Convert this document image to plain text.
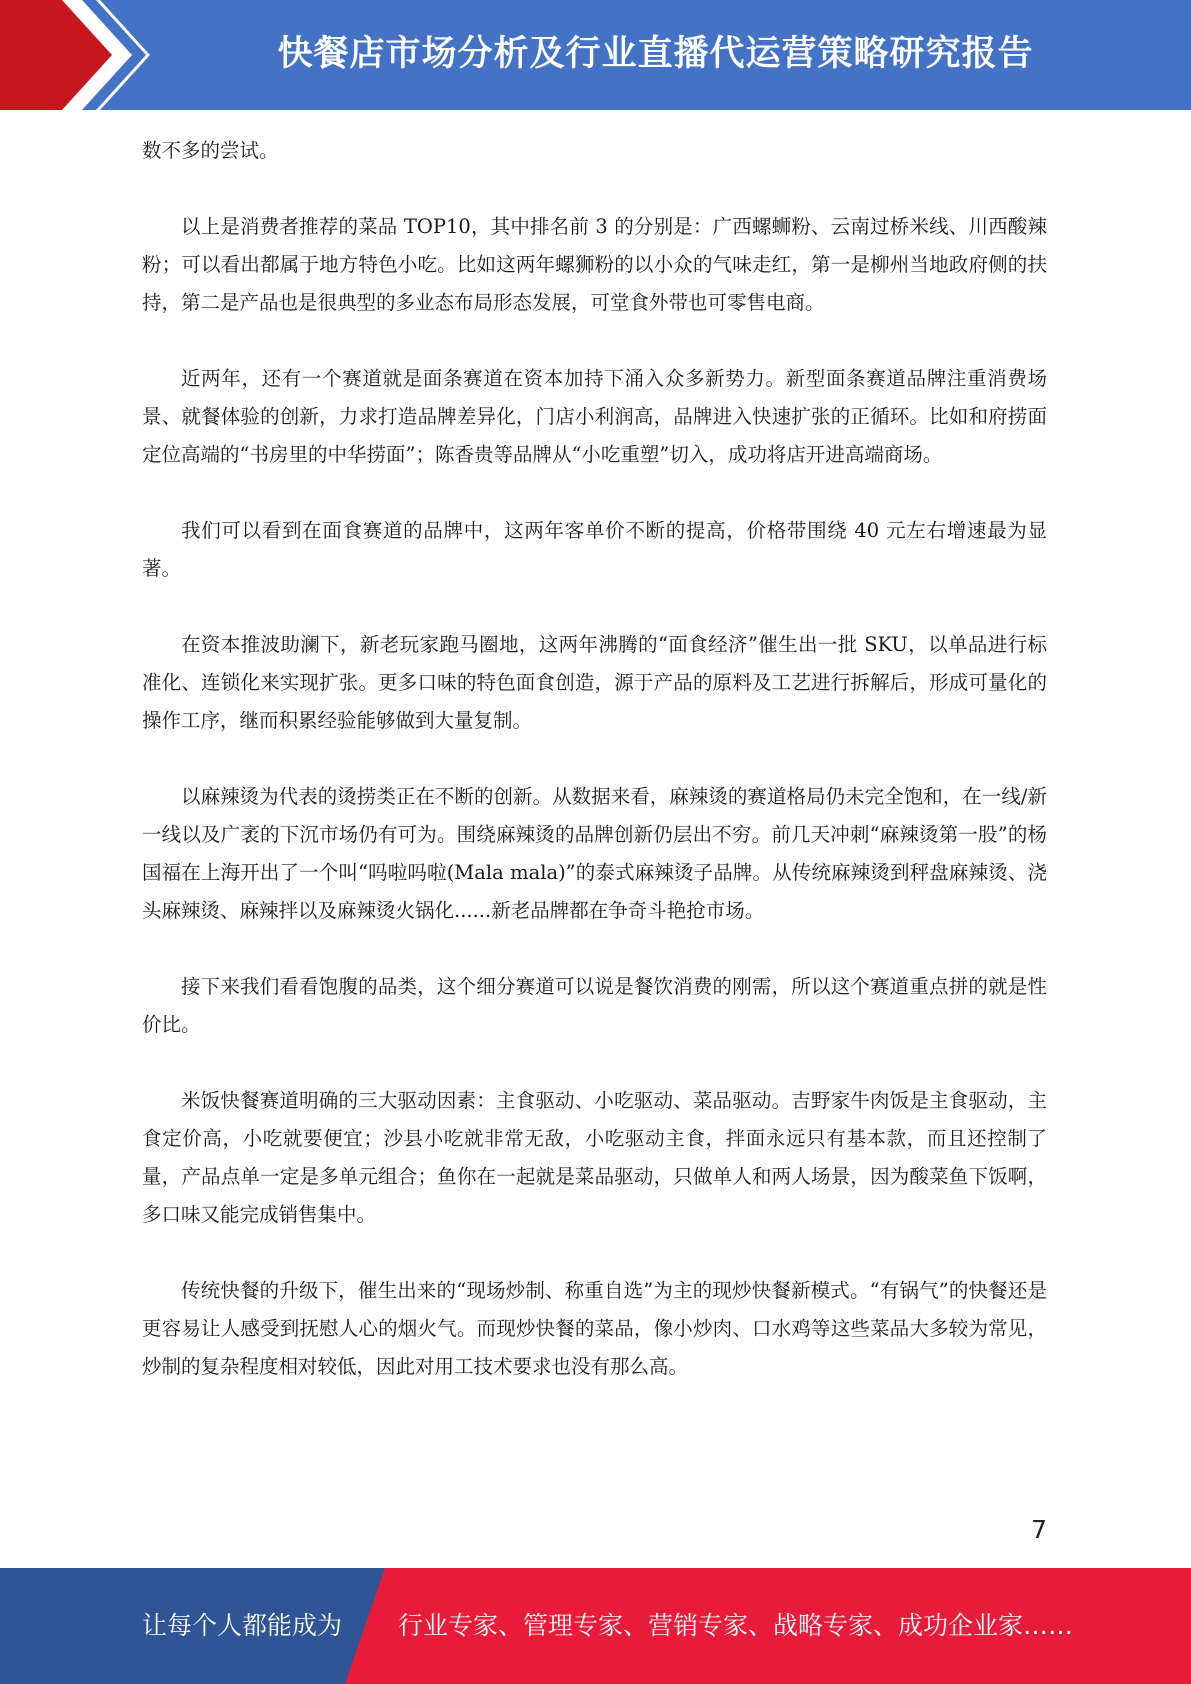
快餐店市场分析及行业直播代运营策略研究报告

数不多的尝试。

以上是消费者推荐的菜品 TOP10，其中排名前 3 的分别是：广西螺蛳粉、云南过桥米线、川西酸辣粉；可以看出都属于地方特色小吃。比如这两年螺狮粉的以小众的气味走红，第一是柳州当地政府侧的扶持，第二是产品也是很典型的多业态布局形态发展，可堂食外带也可零售电商。

近两年，还有一个赛道就是面条赛道在资本加持下涌入众多新势力。新型面条赛道品牌注重消费场景、就餐体验的创新，力求打造品牌差异化，门店小利润高，品牌进入快速扩张的正循环。比如和府捞面定位高端的“书房里的中华捞面”；陈香贵等品牌从“小吃重塑”切入，成功将店开进高端商场。

我们可以看到在面食赛道的品牌中，这两年客单价不断的提高，价格带围绕 40 元左右增速最为显著。

在资本推波助澜下，新老玩家跑马圈地，这两年沸腾的“面食经济”催生出一批 SKU，以单品进行标准化、连锁化来实现扩张。更多口味的特色面食创造，源于产品的原料及工艺进行拆解后，形成可量化的操作工序，继而积累经验能够做到大量复制。

以麻辣烫为代表的烫捞类正在不断的创新。从数据来看，麻辣烫的赛道格局仍未完全饱和，在一线/新一线以及广袤的下沉市场仍有可为。围绕麻辣烫的品牌创新仍层出不穷。前几天冲刺“麻辣烫第一股”的杨国福在上海开出了一个叫“吗啦吗啦(Mala mala)”的泰式麻辣烫子品牌。从传统麻辣烫到秤盘麻辣烫、浇头麻辣烫、麻辣拌以及麻辣烫火锅化......新老品牌都在争奇斗艳抢市场。

接下来我们看看饱腹的品类，这个细分赛道可以说是餐饮消费的刚需，所以这个赛道重点拼的就是性价比。

米饭快餐赛道明确的三大驱动因素：主食驱动、小吃驱动、菜品驱动。吉野家牛肉饭是主食驱动，主食定价高，小吃就要便宜；沙县小吃就非常无敌，小吃驱动主食，拌面永远只有基本款，而且还控制了量，产品点单一定是多单元组合；鱼你在一起就是菜品驱动，只做单人和两人场景，因为酸菜鱼下饭啊，多口味又能完成销售集中。

传统快餐的升级下，催生出来的“现场炒制、称重自选”为主的现炒快餐新模式。“有锅气”的快餐还是更容易让人感受到抚慰人心的烟火气。而现炒快餐的菜品，像小炒肉、口水鸡等这些菜品大多较为常见，炒制的复杂程度相对较低，因此对用工技术要求也没有那么高。

7
让每个人都能成为 行业专家、管理专家、营销专家、战略专家、成功企业家……
